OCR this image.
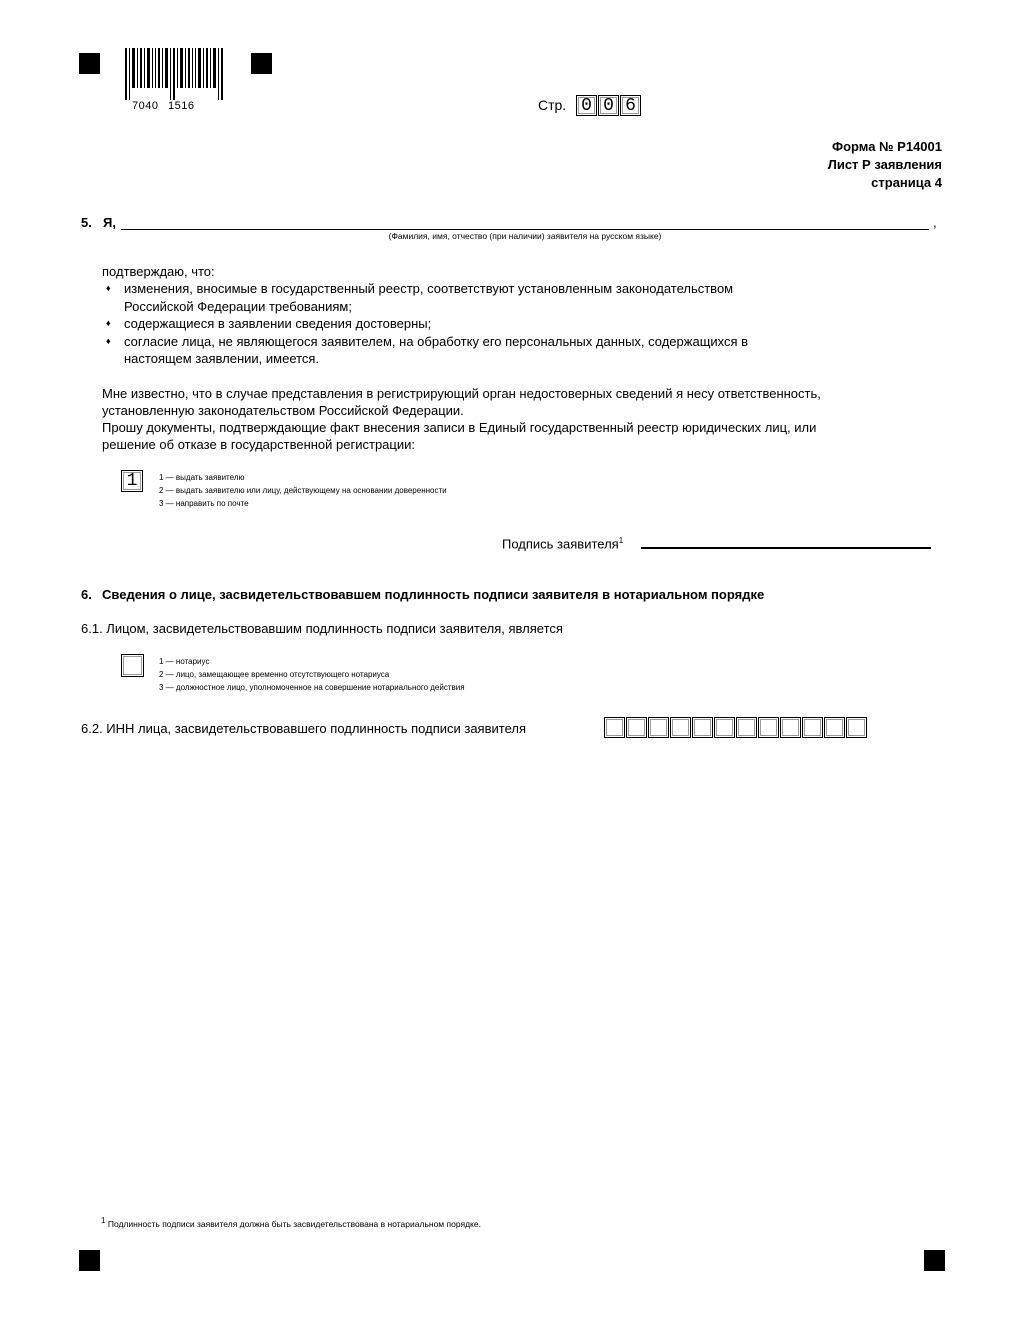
7040 1516	Стр. 0 0 6
Форма № Р14001
Лист Р заявления
страница 4
5. Я,	,
(Фамилия, имя, отчество (при наличии) заявителя на русском языке)
подтверждаю, что:
♦ изменения, вносимые в государственный реестр, соответствуют установленным законодательством Российской Федерации требованиям;
♦ содержащиеся в заявлении сведения достоверны;
♦ согласие лица, не являющегося заявителем, на обработку его персональных данных, содержащихся в настоящем заявлении, имеется.
Мне известно, что в случае представления в регистрирующий орган недостоверных сведений я несу ответственность, установленную законодательством Российской Федерации.
Прошу документы, подтверждающие факт внесения записи в Единый государственный реестр юридических лиц, или решение об отказе в государственной регистрации:
1	1 — выдать заявителю
2 — выдать заявителю или лицу, действующему на основании доверенности
3 — направить по почте
Подпись заявителя$^1$
6. Сведения о лице, засвидетельствовавшем подлинность подписи заявителя в нотариальном порядке
6.1. Лицом, засвидетельствовавшим подлинность подписи заявителя, является
1 — нотариус
2 — лицо, замещающее временно отсутствующего нотариуса
3 — должностное лицо, уполномоченное на совершение нотариального действия
6.2. ИНН лица, засвидетельствовавшего подлинность подписи заявителя
$^1$ Подлинность подписи заявителя должна быть засвидетельствована в нотариальном порядке.
